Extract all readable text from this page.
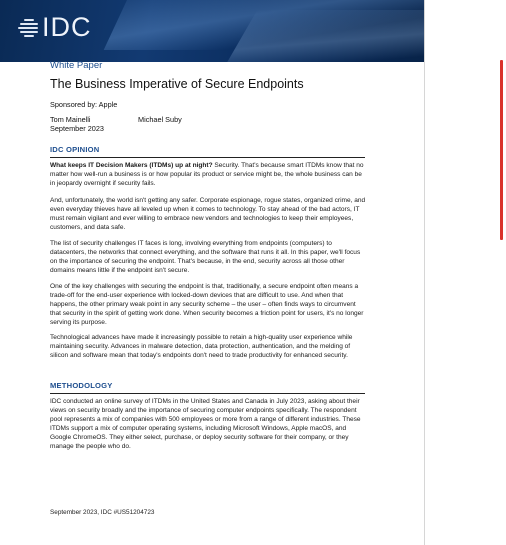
IDC
White Paper
The Business Imperative of Secure Endpoints
Sponsored by: Apple
Tom Mainelli	Michael Suby
September 2023
IDC OPINION

What keeps IT Decision Makers (ITDMs) up at night? Security. That's because smart ITDMs know that no matter how well-run a business is or how popular its product or service might be, the whole business can be in jeopardy overnight if security fails.

And, unfortunately, the world isn't getting any safer. Corporate espionage, rogue states, organized crime, and even everyday thieves have all leveled up when it comes to technology. To stay ahead of the bad actors, IT must remain vigilant and ever willing to embrace new vendors and technologies to keep their employees, customers, and data safe.

The list of security challenges IT faces is long, involving everything from endpoints (computers) to datacenters, the networks that connect everything, and the software that runs it all. In this paper, we'll focus on the importance of securing the endpoint. That's because, in the end, security across all those other domains means little if the endpoint isn't secure.

One of the key challenges with securing the endpoint is that, traditionally, a secure endpoint often means a trade-off for the end-user experience with locked-down devices that are difficult to use. And when that happens, the other primary weak point in any security scheme – the user – often finds ways to circumvent that security in the spirit of getting work done. When security becomes a friction point for users, it's no longer serving its purpose.

Technological advances have made it increasingly possible to retain a high-quality user experience while maintaining security. Advances in malware detection, data protection, authentication, and the melding of silicon and software mean that today's endpoints don't need to trade productivity for enhanced security.

METHODOLOGY

IDC conducted an online survey of ITDMs in the United States and Canada in July 2023, asking about their views on security broadly and the importance of securing computer endpoints specifically. The respondent pool represents a mix of companies with 500 employees or more from a range of different industries. These ITDMs support a mix of computer operating systems, including Microsoft Windows, Apple macOS, and Google ChromeOS. They either select, purchase, or deploy security software for their company, or they manage the people who do.

September 2023, IDC #US51204723
